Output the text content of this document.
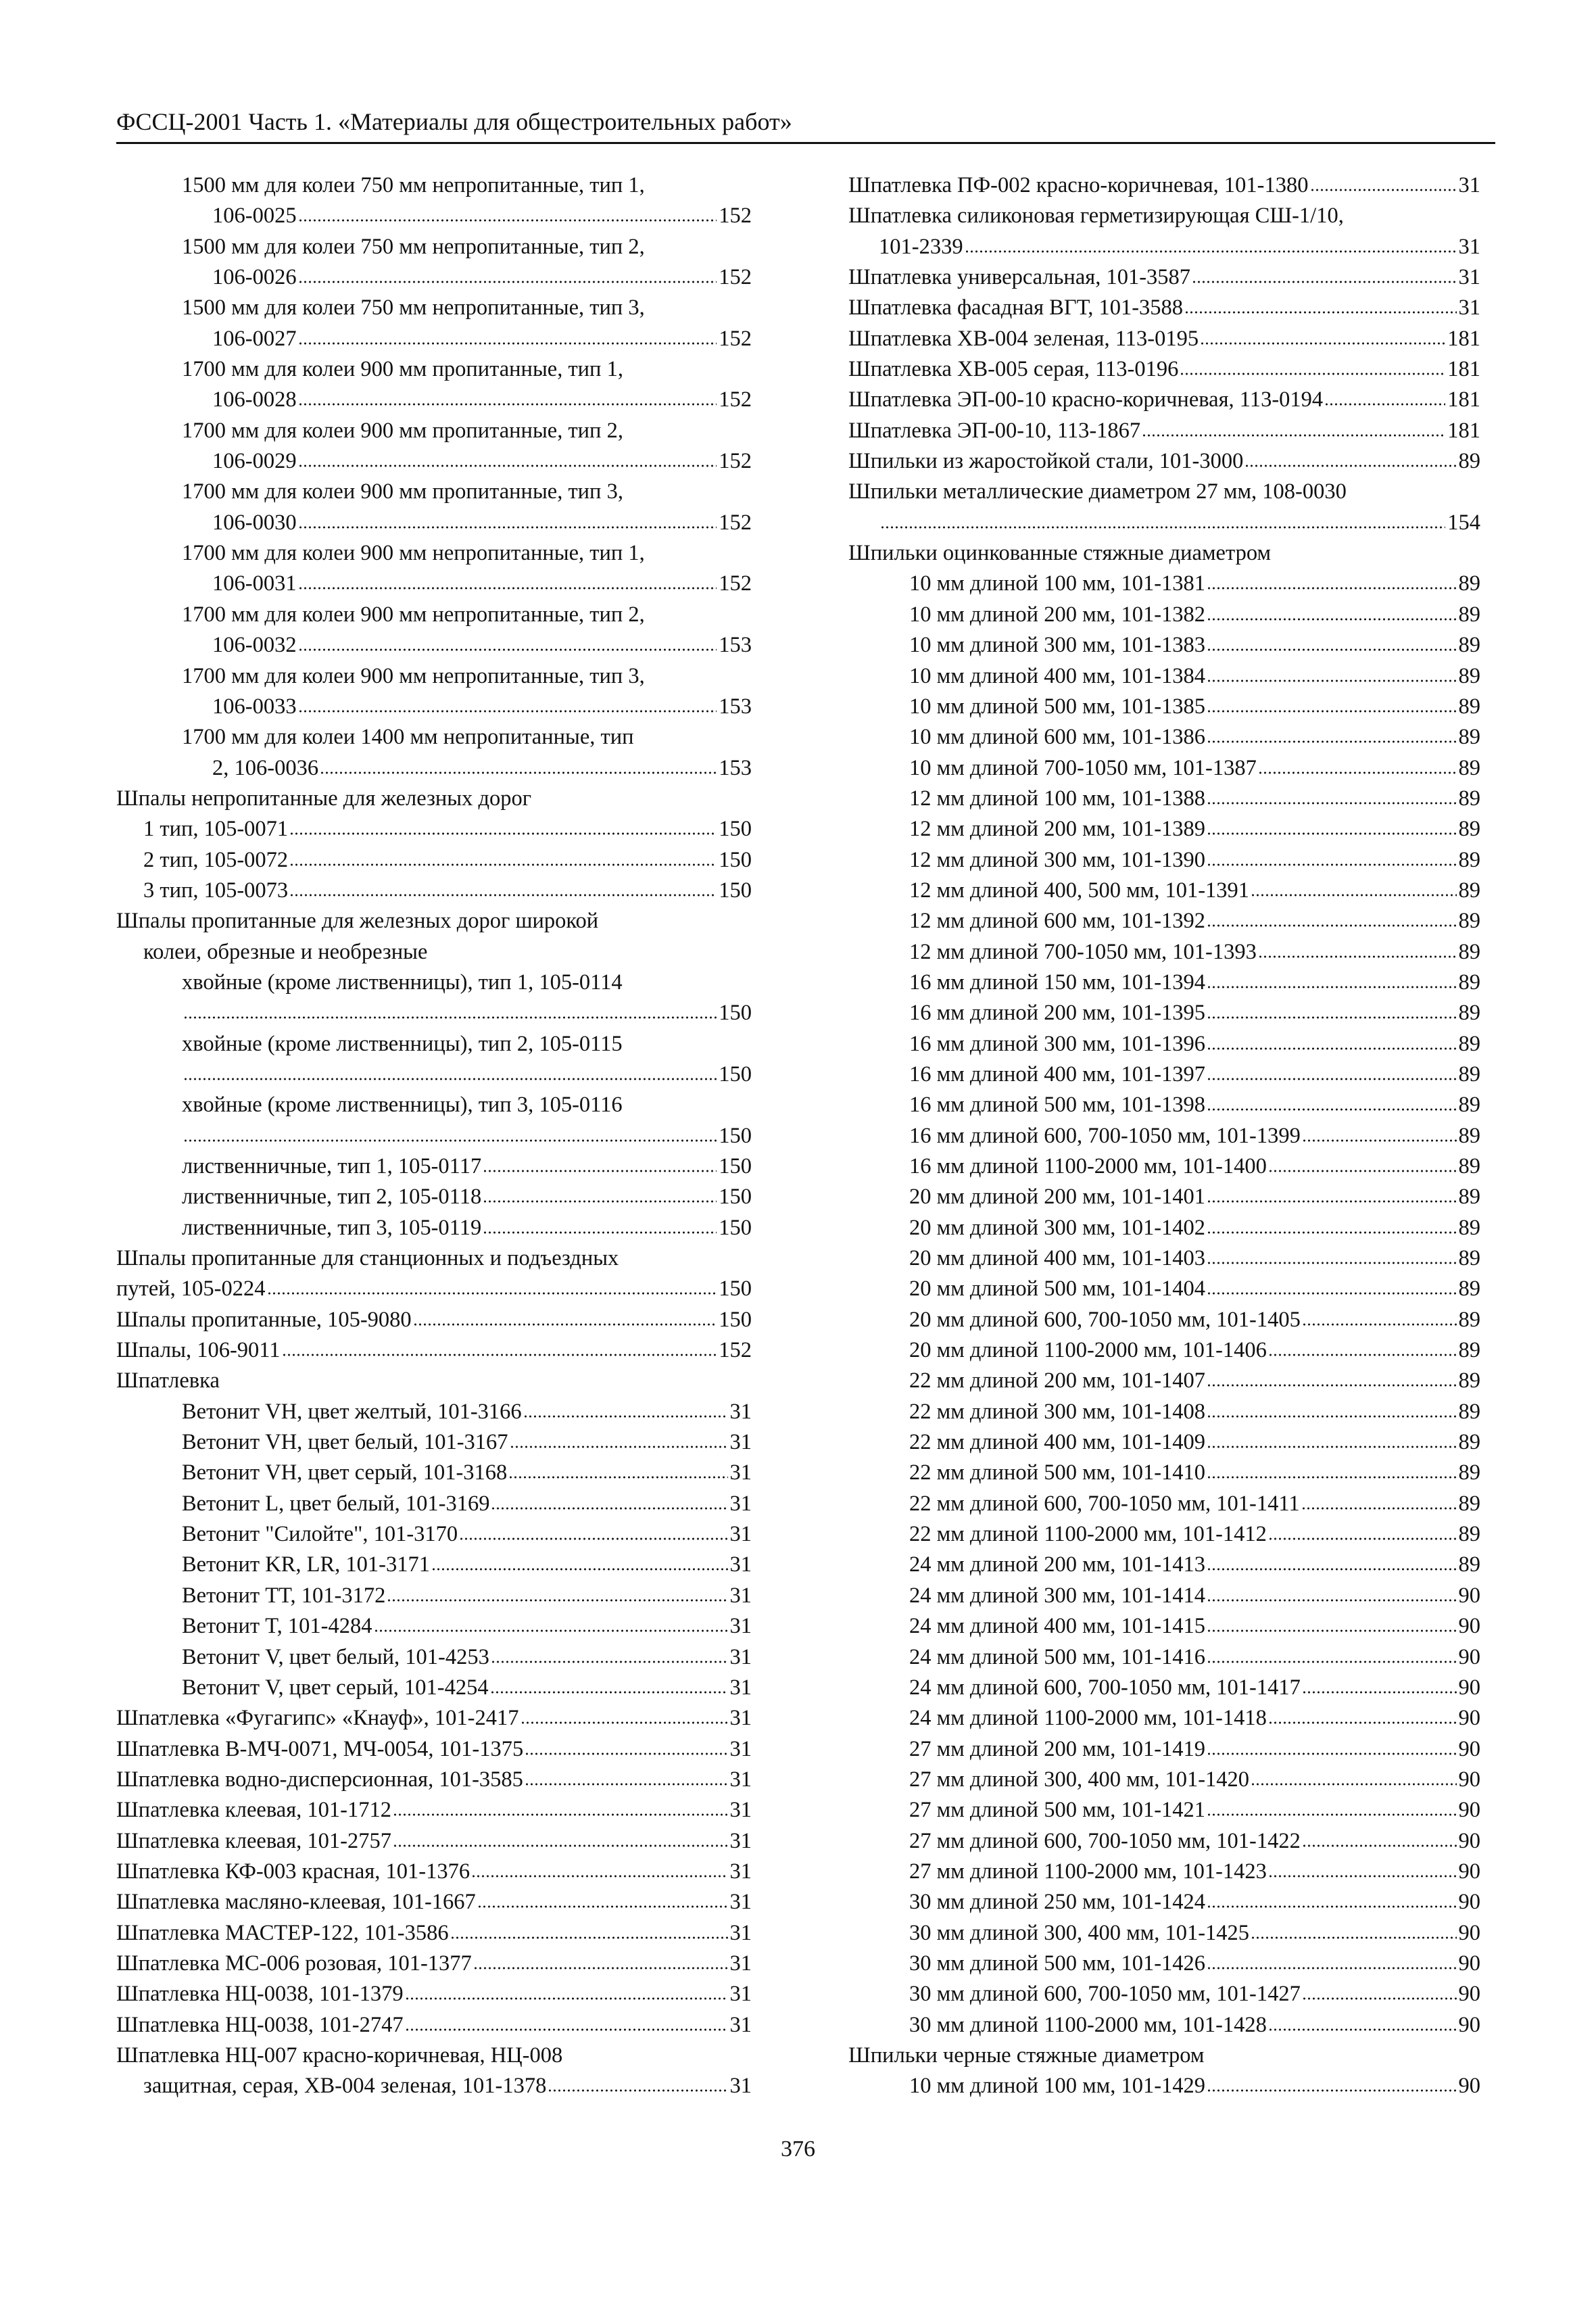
ФССЦ-2001 Часть 1. «Материалы для общестроительных работ»
1500 мм для колеи 750 мм непропитанные, тип 1,
106-0025	152
1500 мм для колеи 750 мм непропитанные, тип 2,
106-0026	152
1500 мм для колеи 750 мм непропитанные, тип 3,
106-0027	152
1700 мм для колеи 900 мм пропитанные, тип 1,
106-0028	152
1700 мм для колеи 900 мм пропитанные, тип 2,
106-0029	152
1700 мм для колеи 900 мм пропитанные, тип 3,
106-0030	152
1700 мм для колеи 900 мм непропитанные, тип 1,
106-0031	152
1700 мм для колеи 900 мм непропитанные, тип 2,
106-0032	153
1700 мм для колеи 900 мм непропитанные, тип 3,
106-0033	153
1700 мм для колеи 1400 мм непропитанные, тип
2, 106-0036	153
Шпалы непропитанные для железных дорог
1 тип, 105-0071	150
2 тип, 105-0072	150
3 тип, 105-0073	150
Шпалы пропитанные для железных дорог широкой
колеи, обрезные и необрезные
хвойные (кроме лиственницы), тип 1, 105-0114
150
хвойные (кроме лиственницы), тип 2, 105-0115
150
хвойные (кроме лиственницы), тип 3, 105-0116
150
лиственничные, тип 1, 105-0117	150
лиственничные, тип 2, 105-0118	150
лиственничные, тип 3, 105-0119	150
Шпалы пропитанные для станционных и подъездных
путей, 105-0224	150
Шпалы пропитанные, 105-9080	150
Шпалы, 106-9011	152
Шпатлевка
Ветонит VH, цвет желтый, 101-3166	31
Ветонит VH, цвет белый, 101-3167	31
Ветонит VH, цвет серый, 101-3168	31
Ветонит L, цвет белый, 101-3169	31
Ветонит "Силойте", 101-3170	31
Ветонит KR, LR, 101-3171	31
Ветонит TT, 101-3172	31
Ветонит T, 101-4284	31
Ветонит V, цвет белый, 101-4253	31
Ветонит V, цвет серый, 101-4254	31
Шпатлевка «Фугагипс» «Кнауф», 101-2417	31
Шпатлевка В-МЧ-0071, МЧ-0054, 101-1375	31
Шпатлевка водно-дисперсионная, 101-3585	31
Шпатлевка клеевая, 101-1712	31
Шпатлевка клеевая, 101-2757	31
Шпатлевка КФ-003 красная, 101-1376	31
Шпатлевка масляно-клеевая, 101-1667	31
Шпатлевка МАСТЕР-122, 101-3586	31
Шпатлевка МС-006 розовая, 101-1377	31
Шпатлевка НЦ-0038, 101-1379	31
Шпатлевка НЦ-0038, 101-2747	31
Шпатлевка НЦ-007 красно-коричневая, НЦ-008
защитная, серая, ХВ-004 зеленая, 101-1378	31
Шпатлевка ПФ-002 красно-коричневая, 101-1380	31
Шпатлевка силиконовая герметизирующая СШ-1/10,
101-2339	31
Шпатлевка универсальная, 101-3587	31
Шпатлевка фасадная ВГТ, 101-3588	31
Шпатлевка ХВ-004 зеленая, 113-0195	181
Шпатлевка ХВ-005 серая, 113-0196	181
Шпатлевка ЭП-00-10 красно-коричневая, 113-0194	181
Шпатлевка ЭП-00-10, 113-1867	181
Шпильки из жаростойкой стали, 101-3000	89
Шпильки металлические диаметром 27 мм, 108-0030
154
Шпильки оцинкованные стяжные диаметром
10 мм длиной 100 мм, 101-1381	89
10 мм длиной 200 мм, 101-1382	89
10 мм длиной 300 мм, 101-1383	89
10 мм длиной 400 мм, 101-1384	89
10 мм длиной 500 мм, 101-1385	89
10 мм длиной 600 мм, 101-1386	89
10 мм длиной 700-1050 мм, 101-1387	89
12 мм длиной 100 мм, 101-1388	89
12 мм длиной 200 мм, 101-1389	89
12 мм длиной 300 мм, 101-1390	89
12 мм длиной 400, 500 мм, 101-1391	89
12 мм длиной 600 мм, 101-1392	89
12 мм длиной 700-1050 мм, 101-1393	89
16 мм длиной 150 мм, 101-1394	89
16 мм длиной 200 мм, 101-1395	89
16 мм длиной 300 мм, 101-1396	89
16 мм длиной 400 мм, 101-1397	89
16 мм длиной 500 мм, 101-1398	89
16 мм длиной 600, 700-1050 мм, 101-1399	89
16 мм длиной 1100-2000 мм, 101-1400	89
20 мм длиной 200 мм, 101-1401	89
20 мм длиной 300 мм, 101-1402	89
20 мм длиной 400 мм, 101-1403	89
20 мм длиной 500 мм, 101-1404	89
20 мм длиной 600, 700-1050 мм, 101-1405	89
20 мм длиной 1100-2000 мм, 101-1406	89
22 мм длиной 200 мм, 101-1407	89
22 мм длиной 300 мм, 101-1408	89
22 мм длиной 400 мм, 101-1409	89
22 мм длиной 500 мм, 101-1410	89
22 мм длиной 600, 700-1050 мм, 101-1411	89
22 мм длиной 1100-2000 мм, 101-1412	89
24 мм длиной 200 мм, 101-1413	89
24 мм длиной 300 мм, 101-1414	90
24 мм длиной 400 мм, 101-1415	90
24 мм длиной 500 мм, 101-1416	90
24 мм длиной 600, 700-1050 мм, 101-1417	90
24 мм длиной 1100-2000 мм, 101-1418	90
27 мм длиной 200 мм, 101-1419	90
27 мм длиной 300, 400 мм, 101-1420	90
27 мм длиной 500 мм, 101-1421	90
27 мм длиной 600, 700-1050 мм, 101-1422	90
27 мм длиной 1100-2000 мм, 101-1423	90
30 мм длиной 250 мм, 101-1424	90
30 мм длиной 300, 400 мм, 101-1425	90
30 мм длиной 500 мм, 101-1426	90
30 мм длиной 600, 700-1050 мм, 101-1427	90
30 мм длиной 1100-2000 мм, 101-1428	90
Шпильки черные стяжные диаметром
10 мм длиной 100 мм, 101-1429	90
376
